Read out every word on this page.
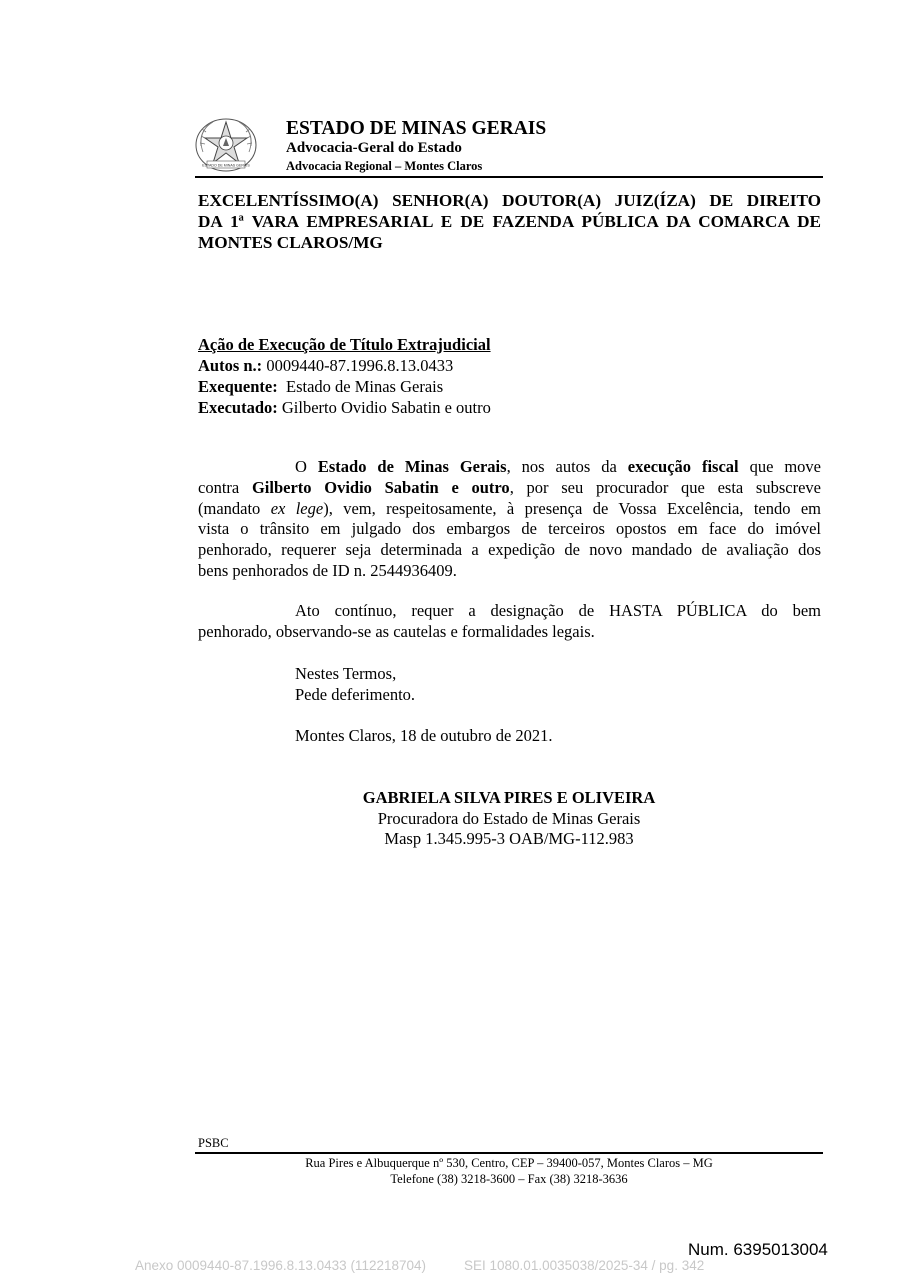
ESTADO DE MINAS GERAIS
ESTADO DE MINAS GERAIS
Advocacia-Geral do Estado
Advocacia Regional – Montes Claros
EXCELENTÍSSIMO(A) SENHOR(A) DOUTOR(A) JUIZ(ÍZA) DE DIREITO
DA 1ª VARA EMPRESARIAL E DE FAZENDA PÚBLICA DA COMARCA DE
MONTES CLAROS/MG
Ação de Execução de Título Extrajudicial
Autos n.: 0009440-87.1996.8.13.0433
Exequente:  Estado de Minas Gerais
Executado: Gilberto Ovidio Sabatin e outro
O Estado de Minas Gerais, nos autos da execução fiscal que move
contra Gilberto Ovidio Sabatin e outro, por seu procurador que esta subscreve
(mandato ex lege), vem, respeitosamente, à presença de Vossa Excelência, tendo em
vista o trânsito em julgado dos embargos de terceiros opostos em face do imóvel
penhorado, requerer seja determinada a expedição de novo mandado de avaliação dos
bens penhorados de ID n. 2544936409.
Ato contínuo, requer a designação de HASTA PÚBLICA do bem
penhorado, observando-se as cautelas e formalidades legais.
Nestes Termos,
Pede deferimento.
Montes Claros, 18 de outubro de 2021.
GABRIELA SILVA PIRES E OLIVEIRA
Procuradora do Estado de Minas Gerais
Masp 1.345.995-3 OAB/MG-112.983
PSBC
Rua Pires e Albuquerque nº 530, Centro, CEP – 39400-057, Montes Claros – MG
Telefone (38) 3218-3600 – Fax (38) 3218-3636
Num. 6395013004
Anexo 0009440-87.1996.8.13.0433 (112218704)	SEI 1080.01.0035038/2025-34 / pg. 342
